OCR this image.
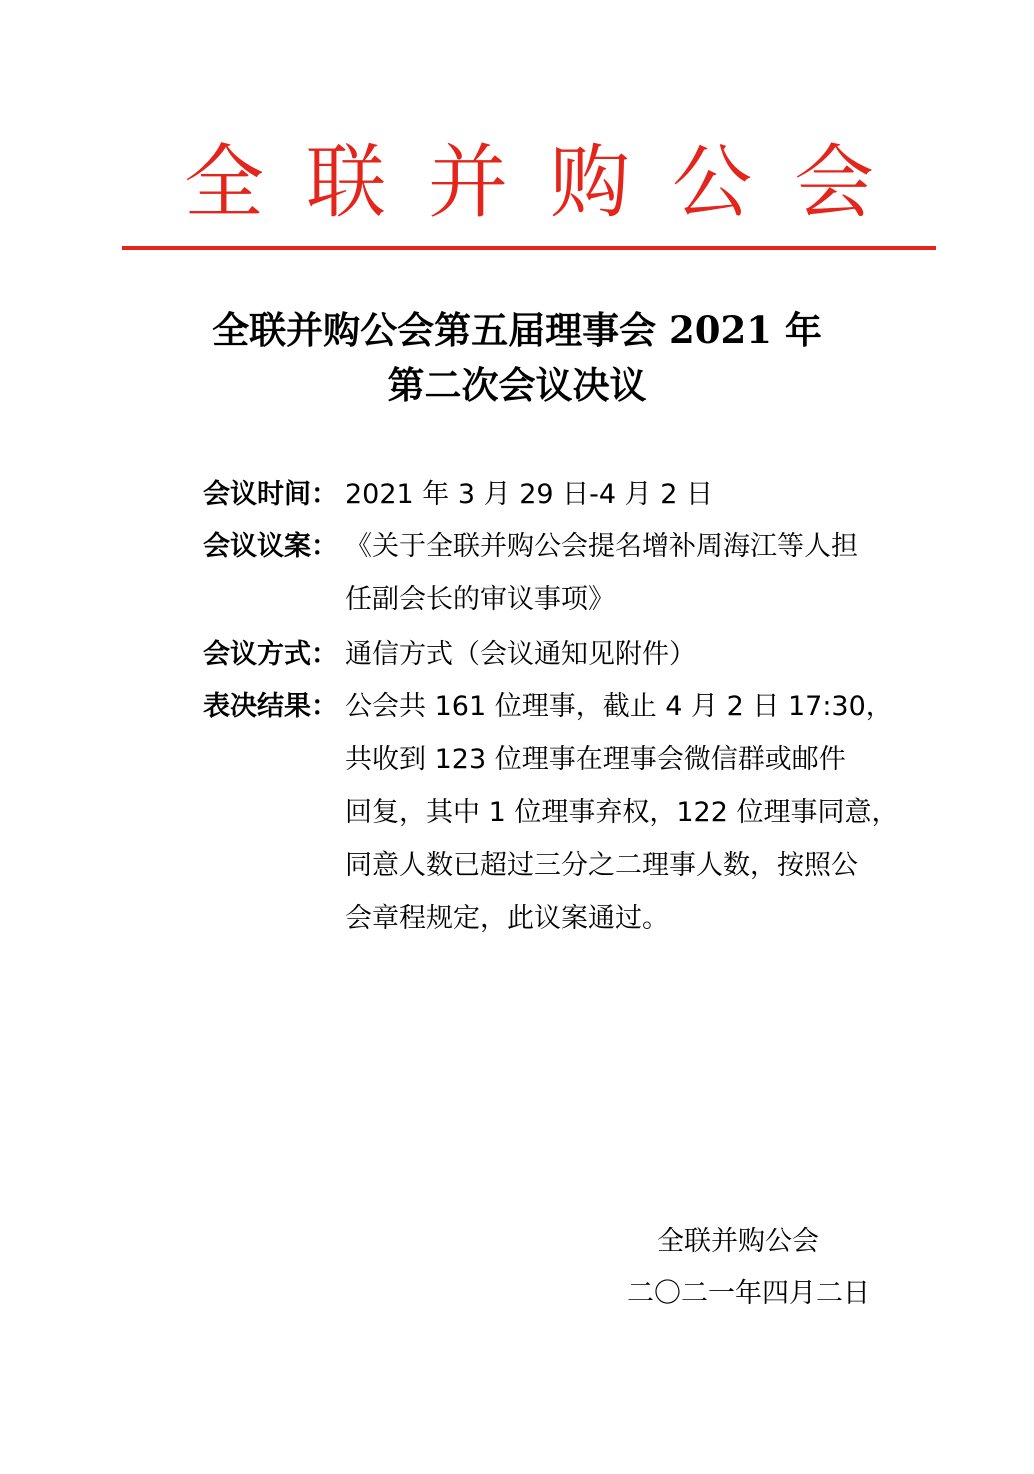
全联并购公会
全联并购公会第五届理事会 2021 年
第二次会议决议
会议时间： 2021 年 3 月 29 日-4 月 2 日
会议议案： 《关于全联并购公会提名增补周海江等人担
任副会长的审议事项》
会议方式： 通信方式（会议通知见附件）
表决结果： 公会共 161 位理事，截止 4 月 2 日 17:30，
共收到 123 位理事在理事会微信群或邮件
回复，其中 1 位理事弃权，122 位理事同意，
同意人数已超过三分之二理事人数，按照公
会章程规定，此议案通过。
全联并购公会
二〇二一年四月二日
